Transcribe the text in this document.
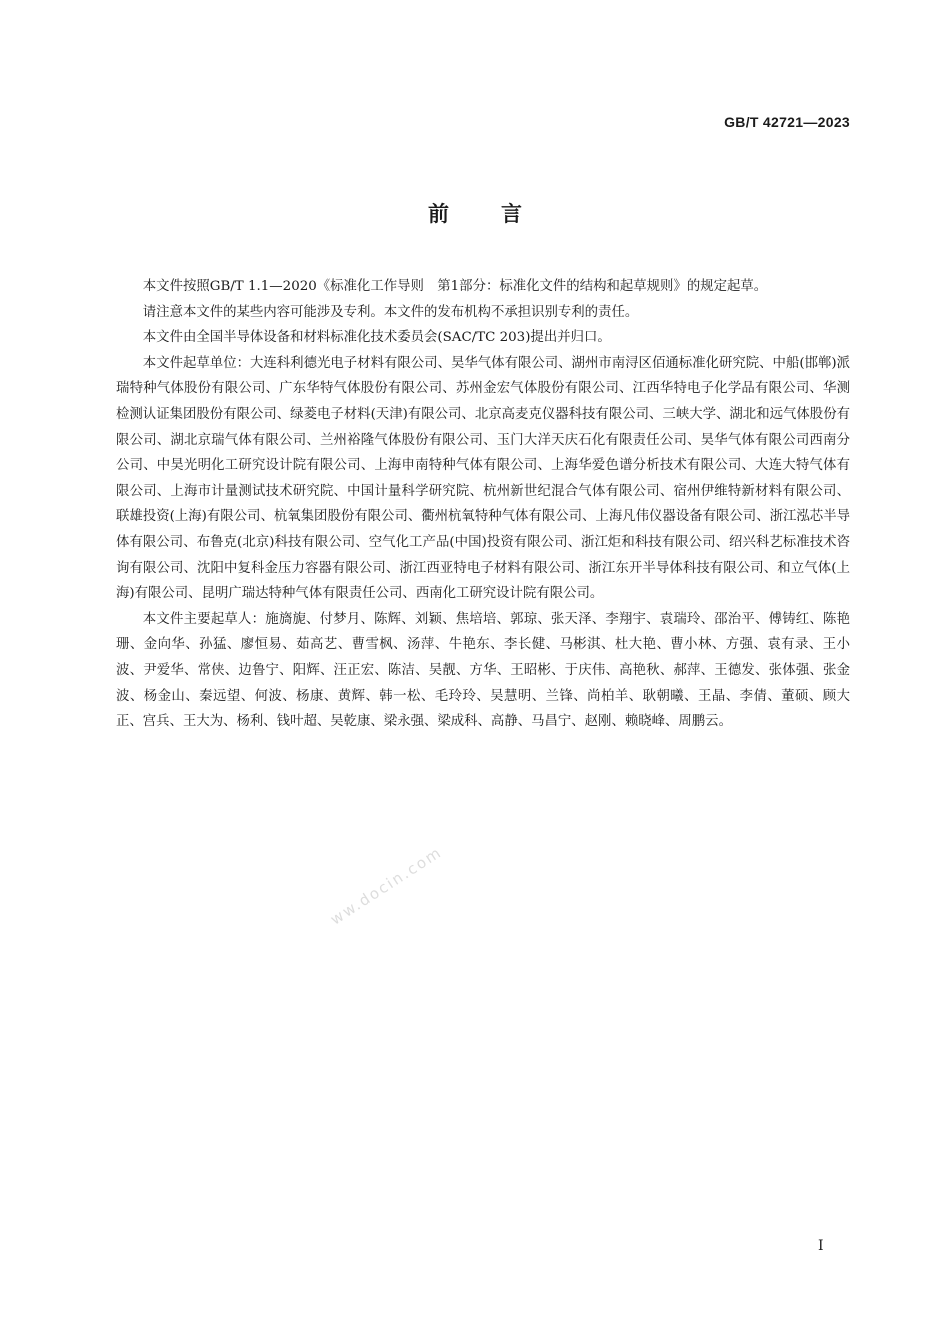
GB/T 42721—2023

前言

本文件按照GB/T 1.1—2020《标准化工作导则　第1部分：标准化文件的结构和起草规则》的规定起草。

请注意本文件的某些内容可能涉及专利。本文件的发布机构不承担识别专利的责任。

本文件由全国半导体设备和材料标准化技术委员会(SAC/TC 203)提出并归口。

本文件起草单位：大连科利德光电子材料有限公司、昊华气体有限公司、湖州市南浔区佰通标准化研究院、中船(邯郸)派瑞特种气体股份有限公司、广东华特气体股份有限公司、苏州金宏气体股份有限公司、江西华特电子化学品有限公司、华测检测认证集团股份有限公司、绿菱电子材料(天津)有限公司、北京高麦克仪器科技有限公司、三峡大学、湖北和远气体股份有限公司、湖北京瑞气体有限公司、兰州裕隆气体股份有限公司、玉门大洋天庆石化有限责任公司、昊华气体有限公司西南分公司、中昊光明化工研究设计院有限公司、上海申南特种气体有限公司、上海华爱色谱分析技术有限公司、大连大特气体有限公司、上海市计量测试技术研究院、中国计量科学研究院、杭州新世纪混合气体有限公司、宿州伊维特新材料有限公司、联雄投资(上海)有限公司、杭氧集团股份有限公司、衢州杭氧特种气体有限公司、上海凡伟仪器设备有限公司、浙江泓芯半导体有限公司、布鲁克(北京)科技有限公司、空气化工产品(中国)投资有限公司、浙江炬和科技有限公司、绍兴科艺标准技术咨询有限公司、沈阳中复科金压力容器有限公司、浙江西亚特电子材料有限公司、浙江东开半导体科技有限公司、和立气体(上海)有限公司、昆明广瑞达特种气体有限责任公司、西南化工研究设计院有限公司。

本文件主要起草人：施旖旎、付梦月、陈辉、刘颖、焦培培、郭琼、张天泽、李翔宇、袁瑞玲、邵治平、傅铸红、陈艳珊、金向华、孙猛、廖恒易、茹高艺、曹雪枫、汤萍、牛艳东、李长健、马彬淇、杜大艳、曹小林、方强、袁有录、王小波、尹爱华、常侠、边鲁宁、阳辉、汪正宏、陈洁、吴靓、方华、王昭彬、于庆伟、高艳秋、郝萍、王德发、张体强、张金波、杨金山、秦远望、何波、杨康、黄辉、韩一松、毛玲玲、吴慧明、兰锋、尚柏羊、耿朝曦、王晶、李倩、董硕、顾大正、宫兵、王大为、杨利、钱叶超、吴乾康、梁永强、梁成科、高静、马昌宁、赵刚、赖晓峰、周鹏云。

ww.docin.com

I
